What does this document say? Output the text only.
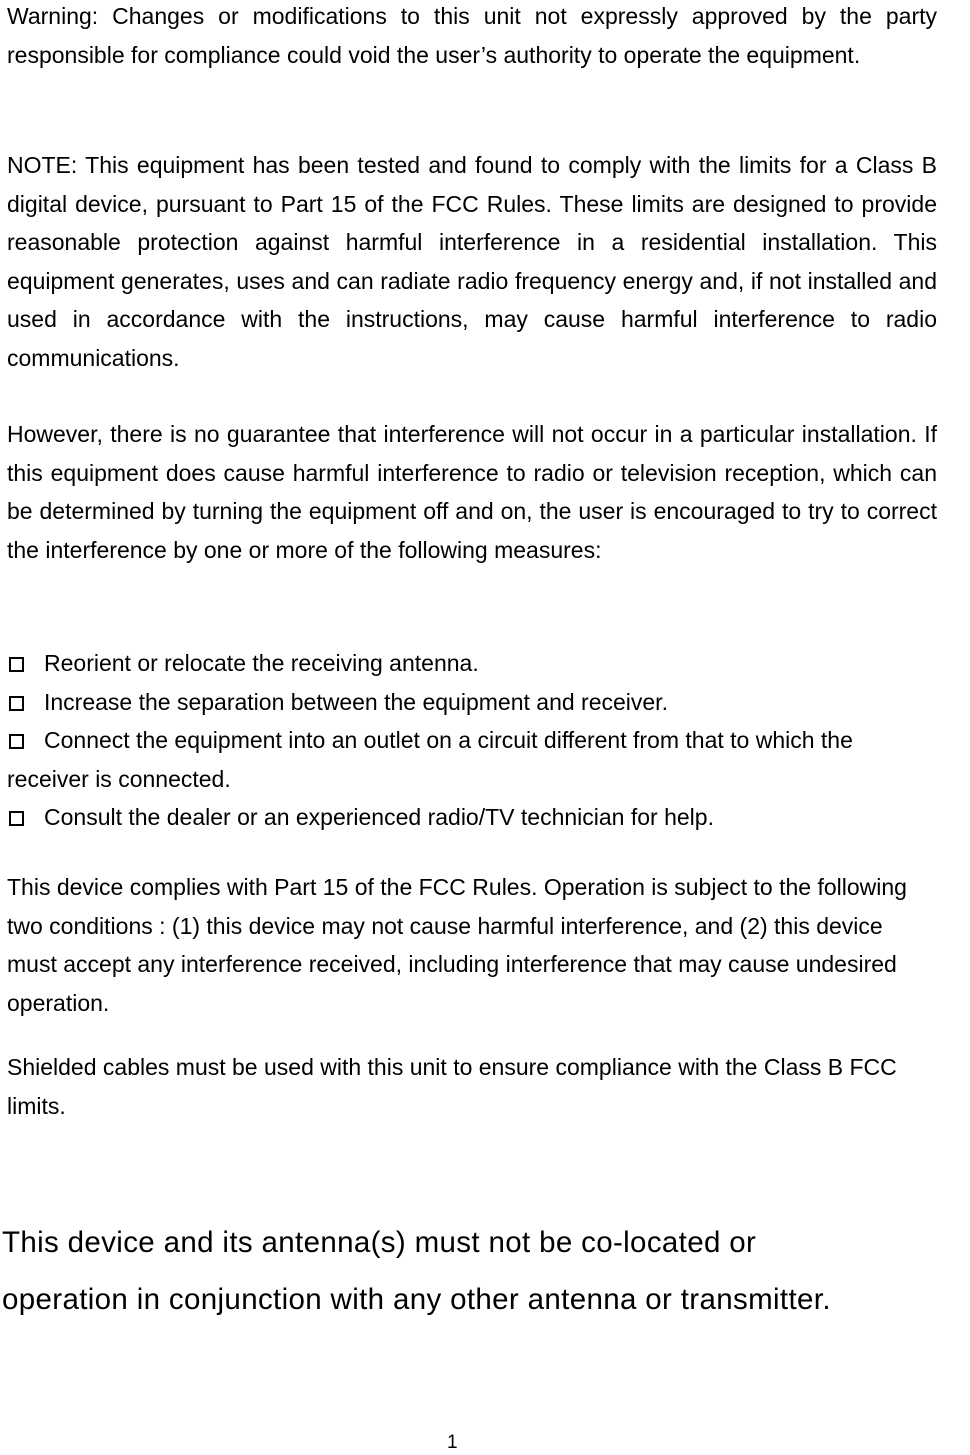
Warning: Changes or modifications to this unit not expressly approved by the party responsible for compliance could void the user’s authority to operate the equipment.

NOTE: This equipment has been tested and found to comply with the limits for a Class B digital device, pursuant to Part 15 of the FCC Rules. These limits are designed to provide reasonable protection against harmful interference in a residential installation. This equipment generates, uses and can radiate radio frequency energy and, if not installed and used in accordance with the instructions, may cause harmful interference to radio communications.

However, there is no guarantee that interference will not occur in a particular installation. If this equipment does cause harmful interference to radio or television reception, which can be determined by turning the equipment off and on, the user is encouraged to try to correct the interference by one or more of the following measures:

Reorient or relocate the receiving antenna.
Increase the separation between the equipment and receiver.
Connect the equipment into an outlet on a circuit different from that to which the receiver is connected.
Consult the dealer or an experienced radio/TV technician for help.

This device complies with Part 15 of the FCC Rules. Operation is subject to the following two conditions : (1) this device may not cause harmful interference, and (2) this device must accept any interference received, including interference that may cause undesired operation.

Shielded cables must be used with this unit to ensure compliance with the Class B FCC limits.

This device and its antenna(s) must not be co-located or
operation in conjunction with any other antenna or transmitter.

1
